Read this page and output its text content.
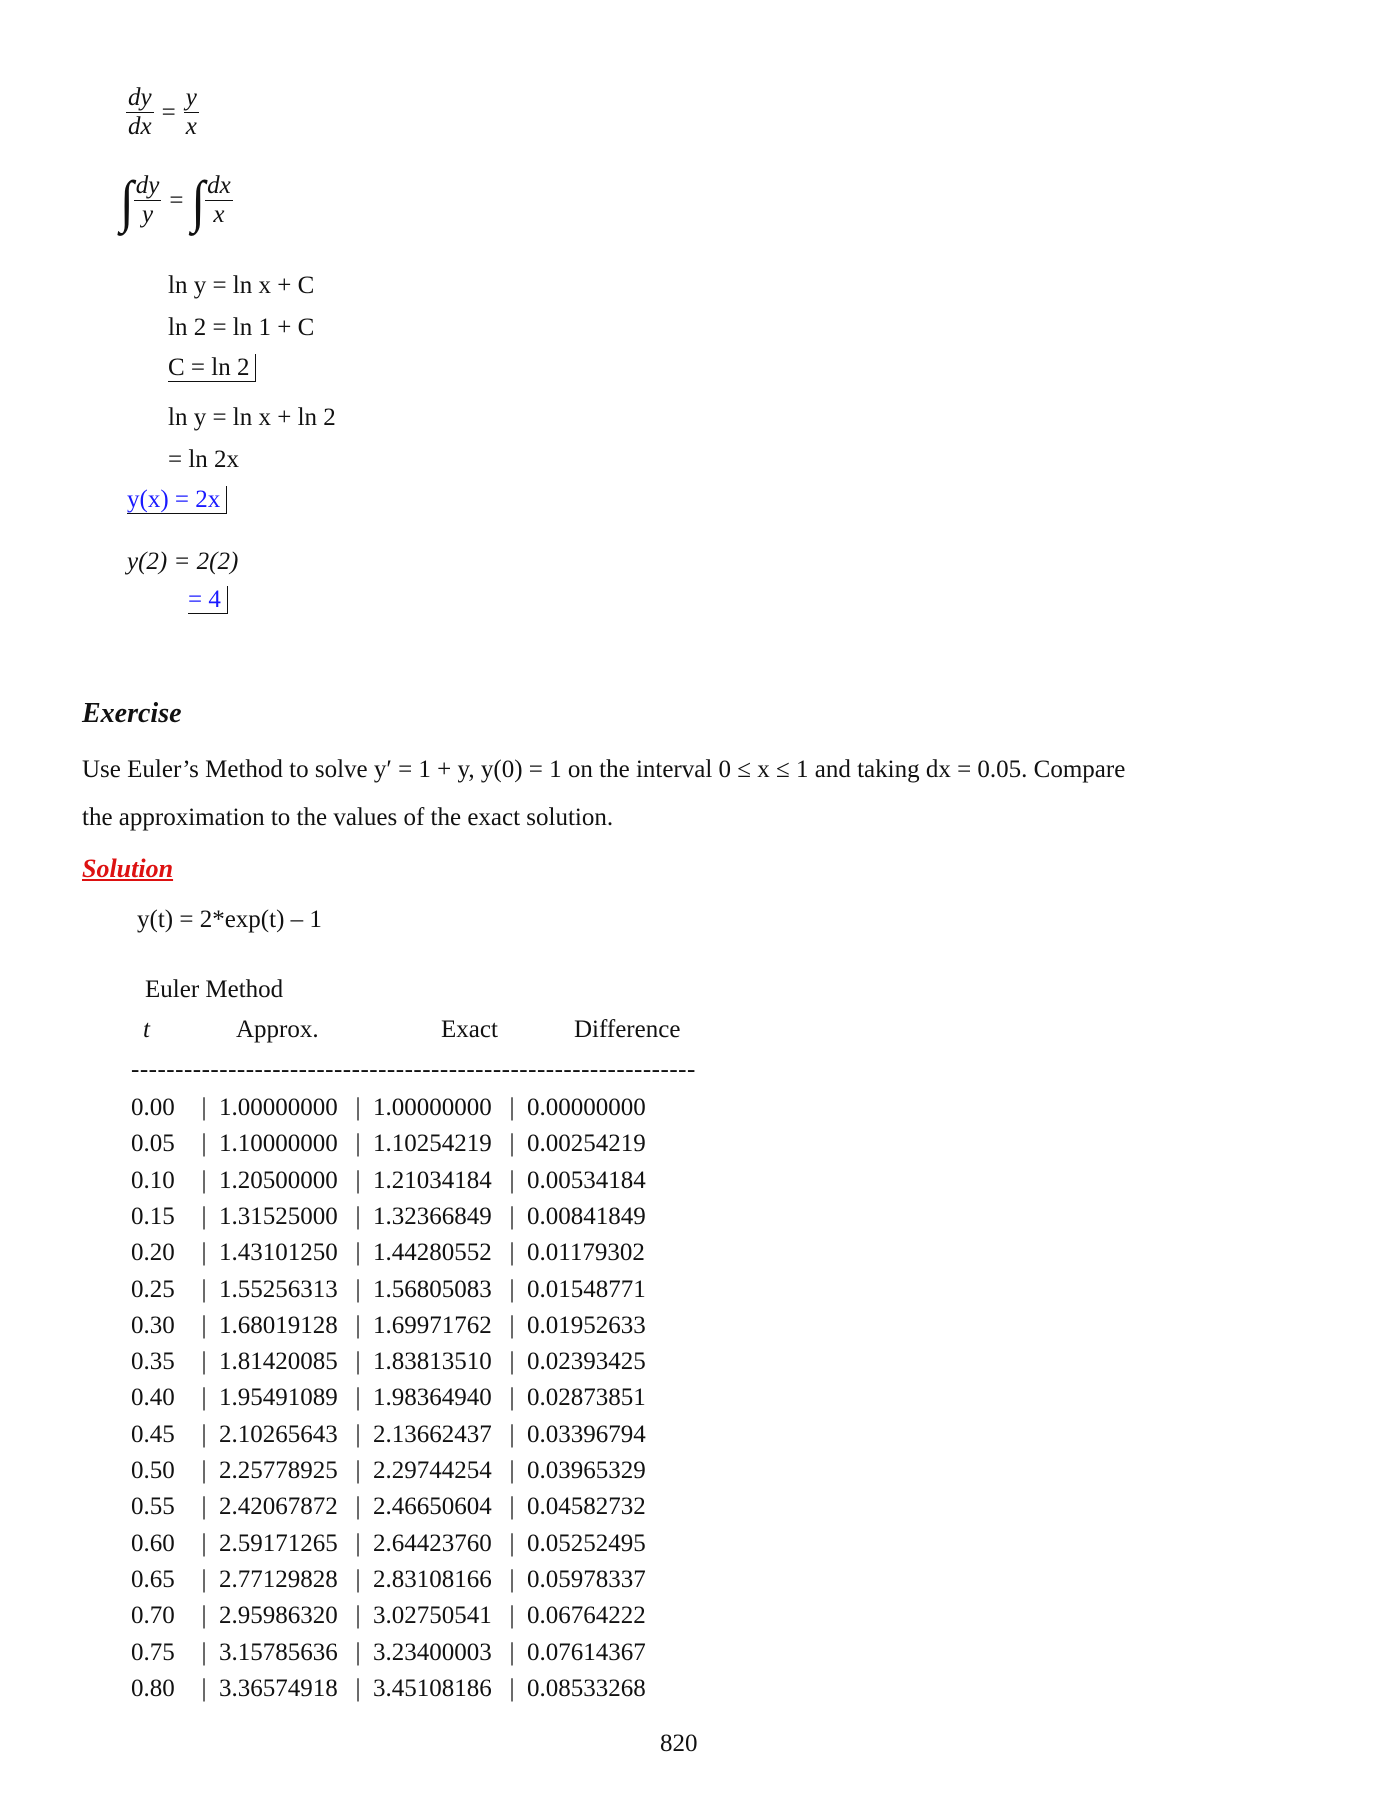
$\frac{dy}{dx} = \frac{y}{x}$
∫ $\frac{dy}{y}$ = ∫ $\frac{dx}{x}$
ln y = ln x + C
ln 2 = ln 1 + C
C = ln 2
ln y = ln x + ln 2
= ln 2x
y(x) = 2x
y(2) = 2(2)
= 4
Exercise
Use Euler’s Method to solve y′ = 1 + y, y(0) = 1 on the interval 0 ≤ x ≤ 1 and taking dx = 0.05. Compare
the approximation to the values of the exact solution.
Solution
y(t) = 2*exp(t) – 1
Euler Method
t	Approx.	Exact	Difference
----------------------------------------------------------------
0.00 | 1.00000000 | 1.00000000 | 0.00000000
0.05 | 1.10000000 | 1.10254219 | 0.00254219
0.10 | 1.20500000 | 1.21034184 | 0.00534184
0.15 | 1.31525000 | 1.32366849 | 0.00841849
0.20 | 1.43101250 | 1.44280552 | 0.01179302
0.25 | 1.55256313 | 1.56805083 | 0.01548771
0.30 | 1.68019128 | 1.69971762 | 0.01952633
0.35 | 1.81420085 | 1.83813510 | 0.02393425
0.40 | 1.95491089 | 1.98364940 | 0.02873851
0.45 | 2.10265643 | 2.13662437 | 0.03396794
0.50 | 2.25778925 | 2.29744254 | 0.03965329
0.55 | 2.42067872 | 2.46650604 | 0.04582732
0.60 | 2.59171265 | 2.64423760 | 0.05252495
0.65 | 2.77129828 | 2.83108166 | 0.05978337
0.70 | 2.95986320 | 3.02750541 | 0.06764222
0.75 | 3.15785636 | 3.23400003 | 0.07614367
0.80 | 3.36574918 | 3.45108186 | 0.08533268
820
